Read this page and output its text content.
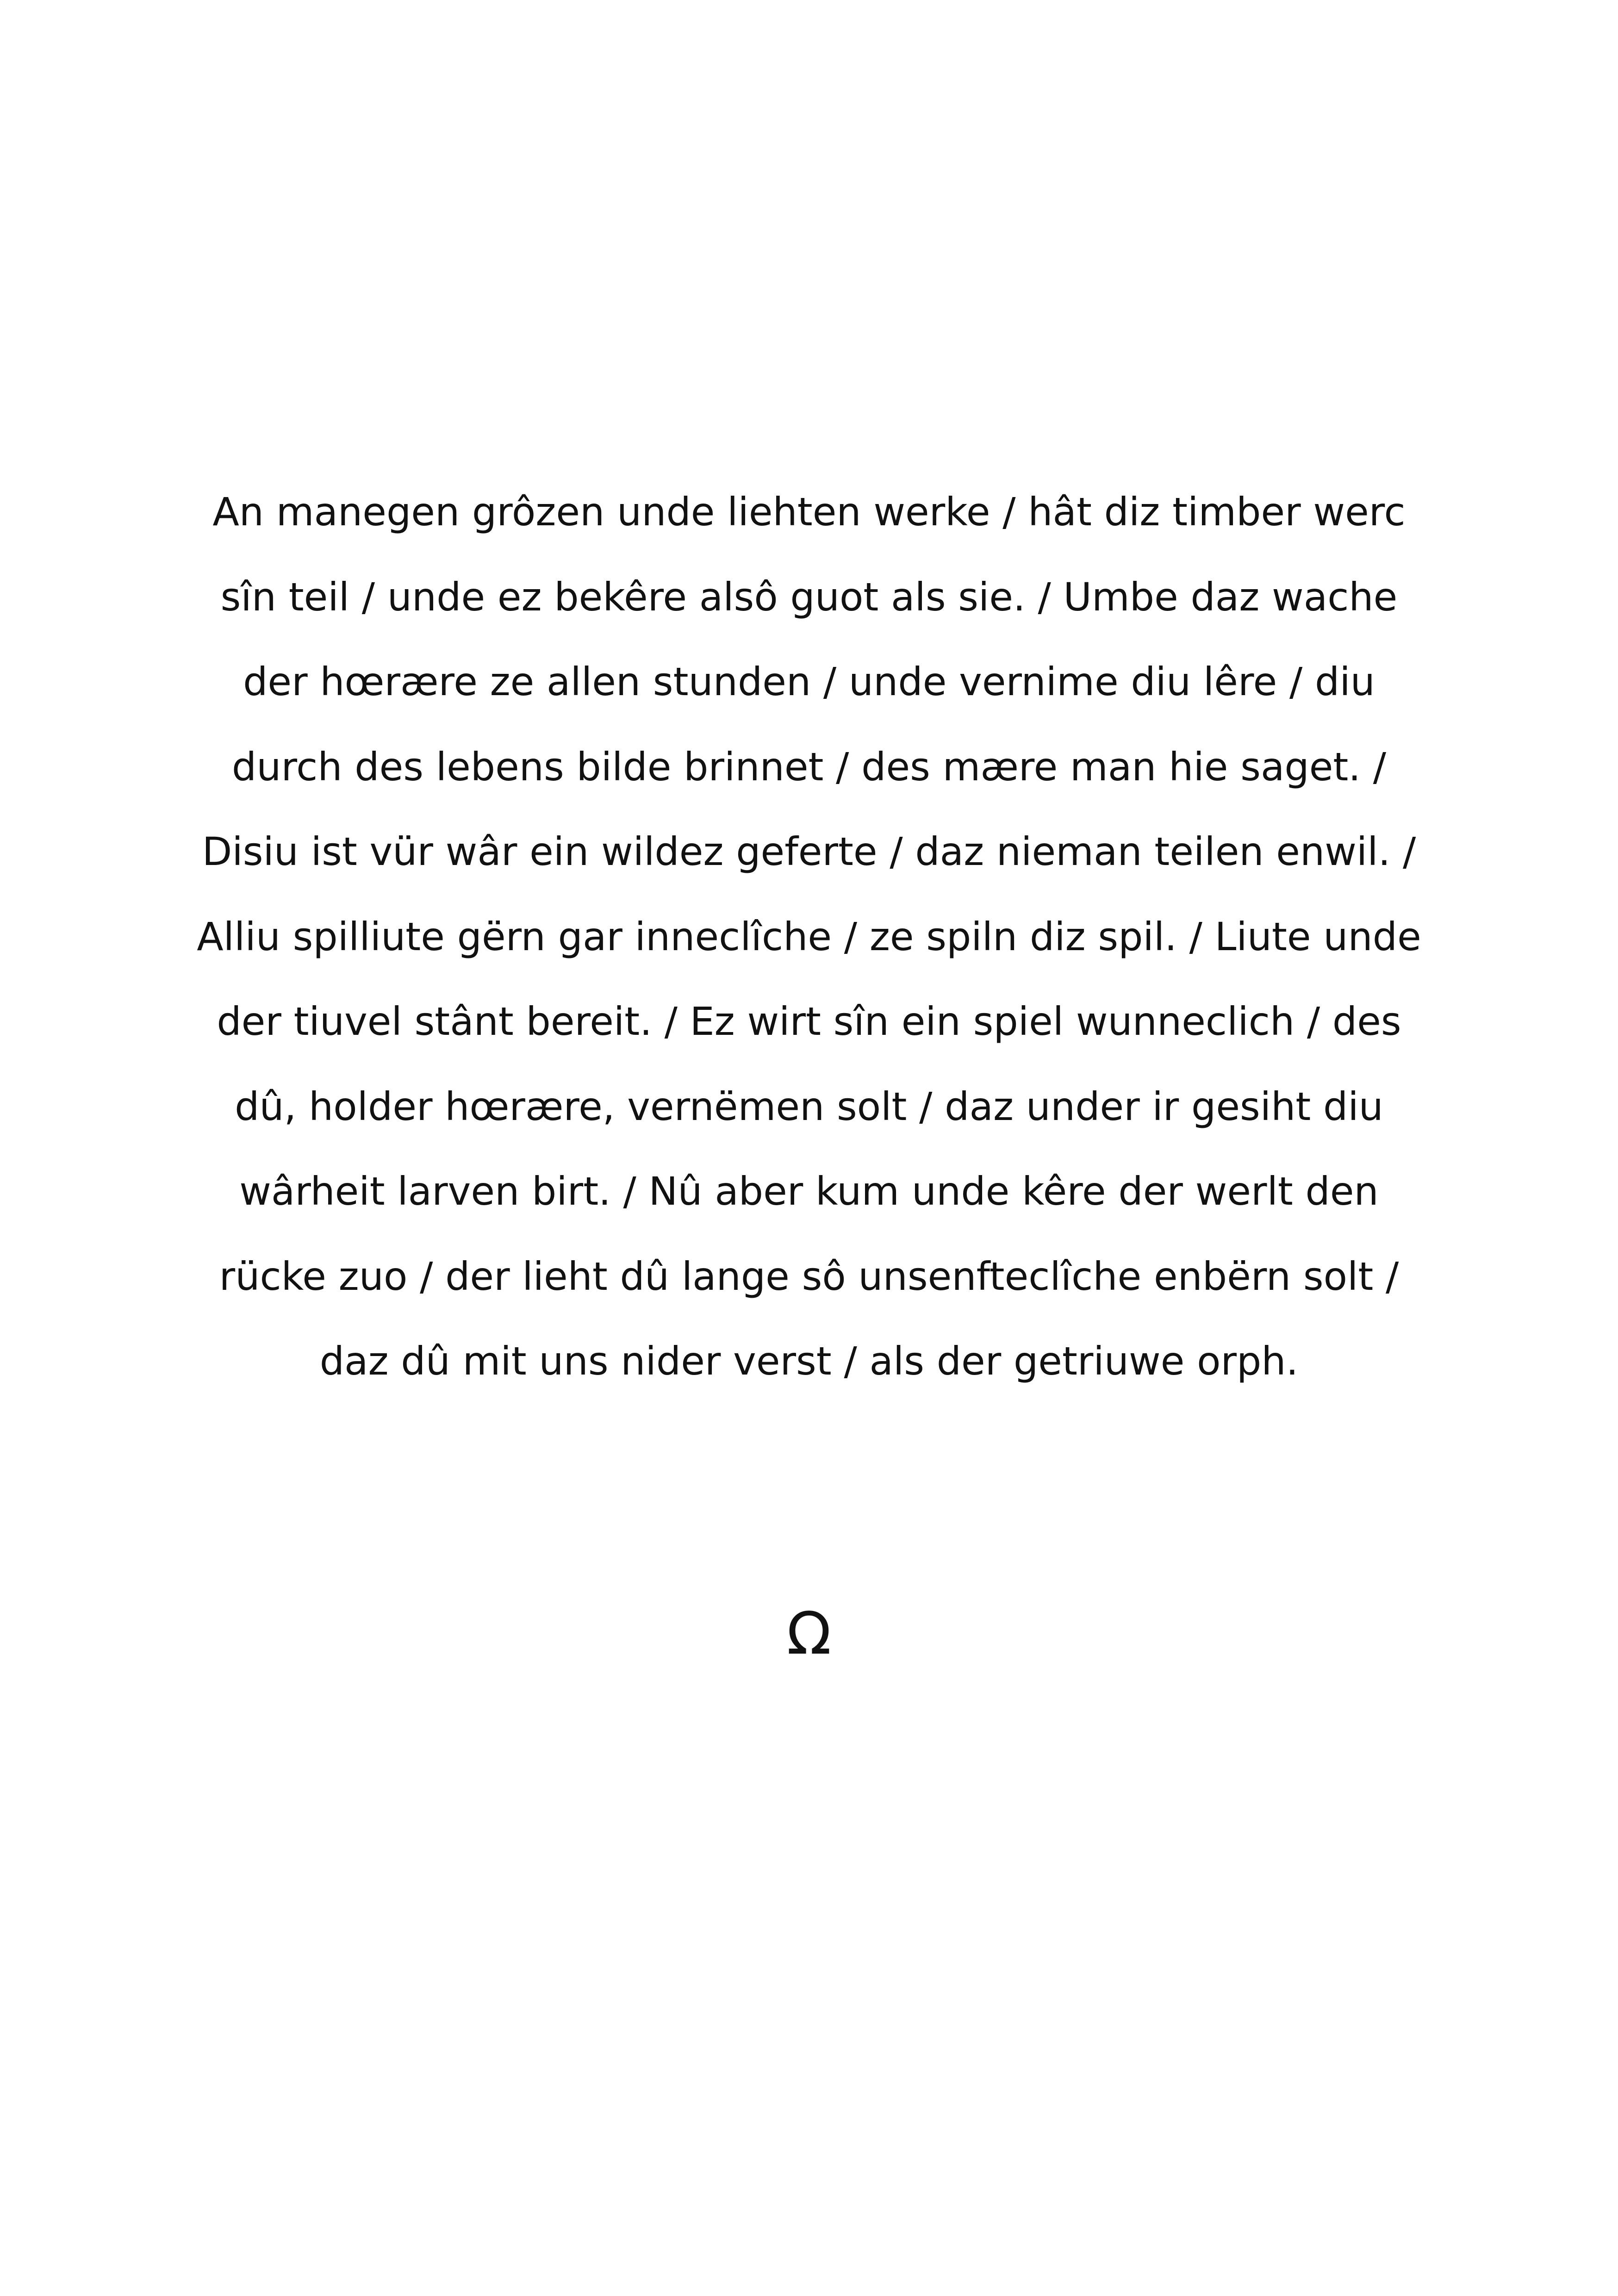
An manegen grôzen unde liehten werke / hât diz timber werc
sîn teil / unde ez bekêre alsô guot als sie. / Umbe daz wache
der hœrære ze allen stunden / unde vernime diu lêre / diu
durch des lebens bilde brinnet / des mære man hie saget. /
Disiu ist vür wâr ein wildez geferte / daz nieman teilen enwil. /
Alliu spilliute gërn gar inneclîche / ze spiln diz spil. / Liute unde
der tiuvel stânt bereit. / Ez wirt sîn ein spiel wunneclich / des
dû, holder hœrære, vernëmen solt / daz under ir gesiht diu
wârheit larven birt. / Nû aber kum unde kêre der werlt den
rücke zuo / der lieht dû lange sô unsenfteclîche enbërn solt /
daz dû mit uns nider verst / als der getriuwe orph.

Ω
